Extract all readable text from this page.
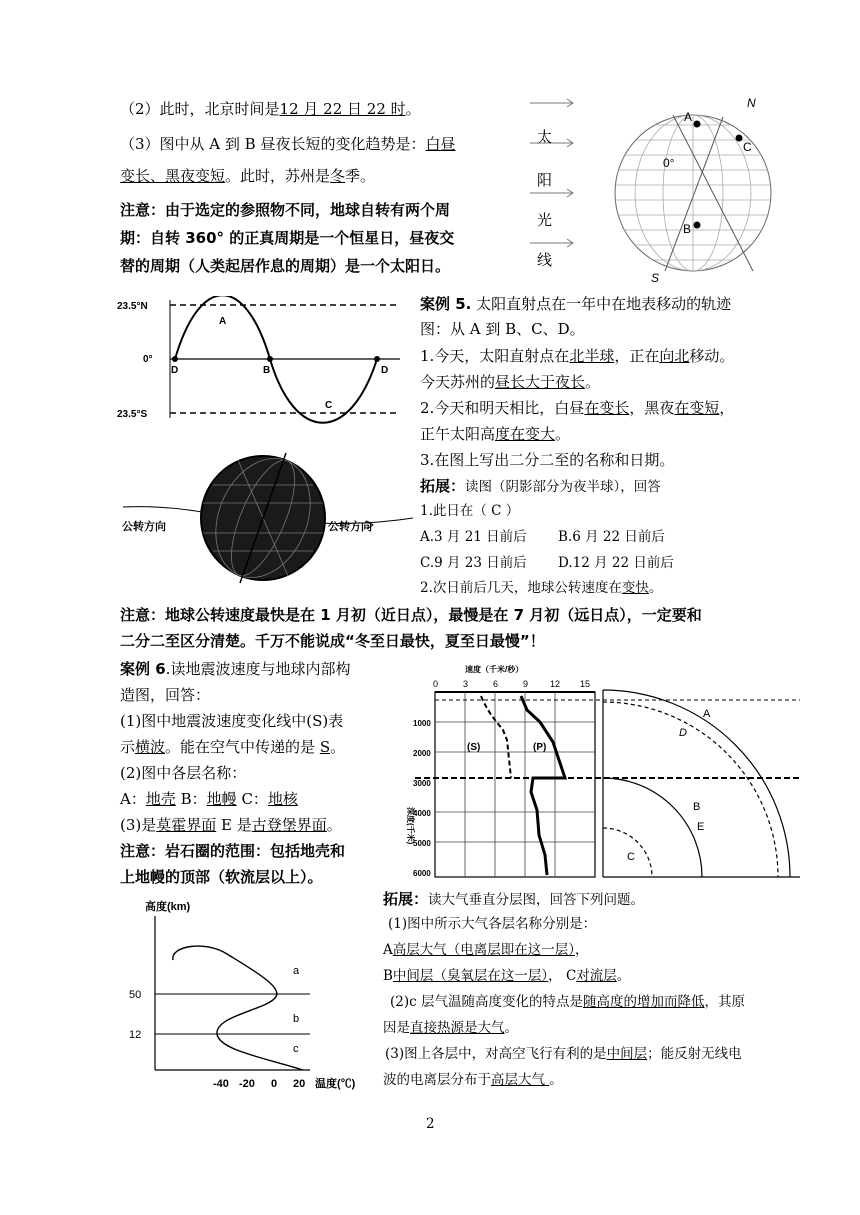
（2）此时，北京时间是12 月 22 日 22 时。
（3）图中从 A 到 B 昼夜长短的变化趋势是：白昼
变长、黑夜变短。此时，苏州是冬季。
注意：由于选定的参照物不同，地球自转有两个周
期：自转 360° 的正真周期是一个恒星日，昼夜交
替的周期（人类起居作息的周期）是一个太阳日。
太
阳
光
线
N
S
A
C
B
0°
23.5°N
0°
23.5°S
A
B
C
D	D
公转方向	公转方向
案例 5. 太阳直射点在一年中在地表移动的轨迹
图：从 A 到 B、C、D。
1.今天，太阳直射点在北半球，正在向北移动。
今天苏州的昼长大于夜长。
2.今天和明天相比，白昼在变长，黑夜在变短，
正午太阳高度在变大。
3.在图上写出二分二至的名称和日期。
拓展：读图（阴影部分为夜半球），回答
1.此日在（ C ）
A.3 月 21 日前后 B.6 月 22 日前后
C.9 月 23 日前后 D.12 月 22 日前后
2.次日前后几天，地球公转速度在变快。
注意：地球公转速度最快是在 1 月初（近日点），最慢是在 7 月初（远日点），一定要和
二分二至区分清楚。千万不能说成“冬至日最快，夏至日最慢”！
案例 6.读地震波速度与地球内部构
造图，回答：
(1)图中地震波速度变化线中(S)表
示横波。能在空气中传递的是 S。
(2)图中各层名称：
A：地壳 B：地幔 C：地核
(3)是莫霍界面 E 是古登堡界面。
注意：岩石圈的范围：包括地壳和
上地幔的顶部（软流层以上）。
速度（千米/秒）
0	3	6	9 12 15
1000
2000
3000
4000
5000
6000
深度(千米)
(S)	(P)
A
D
B
E
C
高度(km)
50
12
a
b
c
-40 -20 0 20 温度(℃)
拓展：读大气垂直分层图，回答下列问题。
(1)图中所示大气各层名称分别是：
A高层大气（电离层即在这一层），
B中间层（臭氧层在这一层）， C对流层。
(2)c 层气温随高度变化的特点是随高度的增加而降低，其原
因是直接热源是大气。
(3)图上各层中，对高空飞行有利的是中间层；能反射无线电
波的电离层分布于高层大气 。
2
